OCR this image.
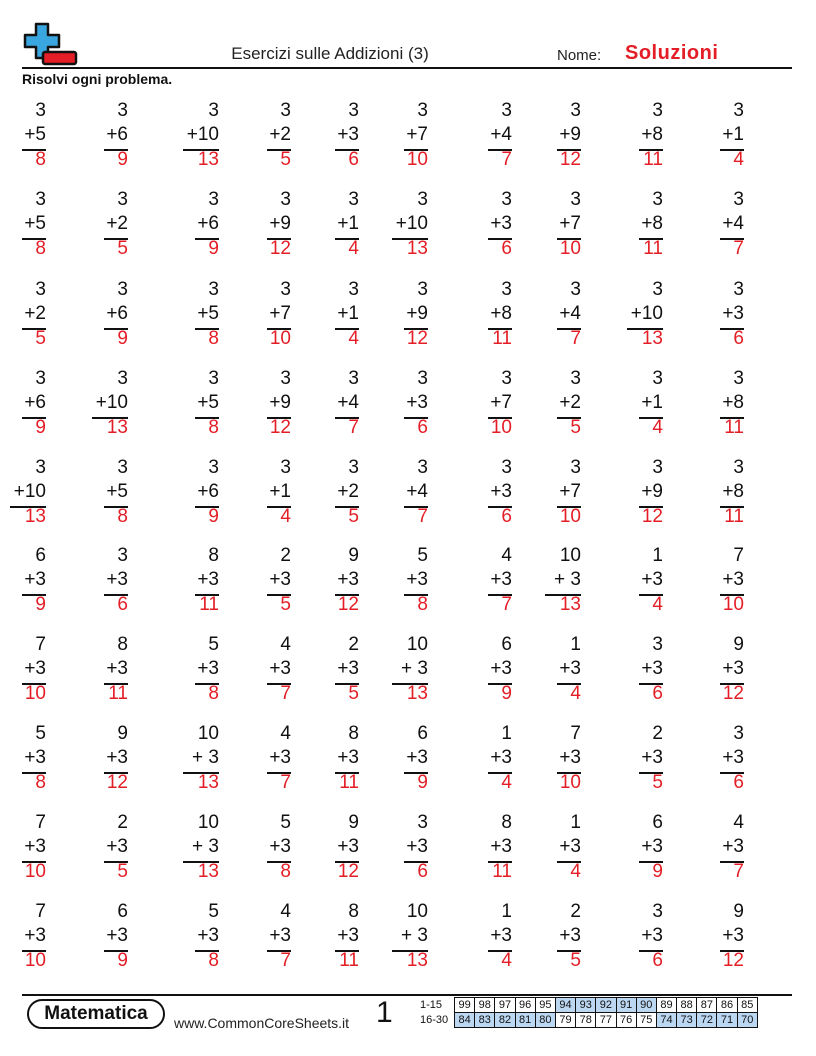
Esercizi sulle Addizioni (3)	Nome: Soluzioni
Risolvi ogni problema.
3
+5
8
3
+6
9
3
+10
13
3
+2
5
3
+3
6
3
+7
10
3
+4
7
3
+9
12
3
+8
11
3
+1
4
3
+5
8
3
+2
5
3
+6
9
3
+9
12
3
+1
4
3
+10
13
3
+3
6
3
+7
10
3
+8
11
3
+4
7
3
+2
5
3
+6
9
3
+5
8
3
+7
10
3
+1
4
3
+9
12
3
+8
11
3
+4
7
3
+10
13
3
+3
6
3
+6
9
3
+10
13
3
+5
8
3
+9
12
3
+4
7
3
+3
6
3
+7
10
3
+2
5
3
+1
4
3
+8
11
3
+10
13
3
+5
8
3
+6
9
3
+1
4
3
+2
5
3
+4
7
3
+3
6
3
+7
10
3
+9
12
3
+8
11
6
+3
9
3
+3
6
8
+3
11
2
+3
5
9
+3
12
5
+3
8
4
+3
7
10
+ 3
13
1
+3
4
7
+3
10
7
+3
10
8
+3
11
5
+3
8
4
+3
7
2
+3
5
10
+ 3
13
6
+3
9
1
+3
4
3
+3
6
9
+3
12
5
+3
8
9
+3
12
10
+ 3
13
4
+3
7
8
+3
11
6
+3
9
1
+3
4
7
+3
10
2
+3
5
3
+3
6
7
+3
10
2
+3
5
10
+ 3
13
5
+3
8
9
+3
12
3
+3
6
8
+3
11
1
+3
4
6
+3
9
4
+3
7
7
+3
10
6
+3
9
5
+3
8
4
+3
7
8
+3
11
10
+ 3
13
1
+3
4
2
+3
5
3
+3
6
9
+3
12
Matematica	www.CommonCoreSheets.it 1 1-15	99	98	97	96	95	94	93	92	91	90	89	88	87	86	85
16-30	84	83	82	81	80	79	78	77	76	75	74	73	72	71	70
